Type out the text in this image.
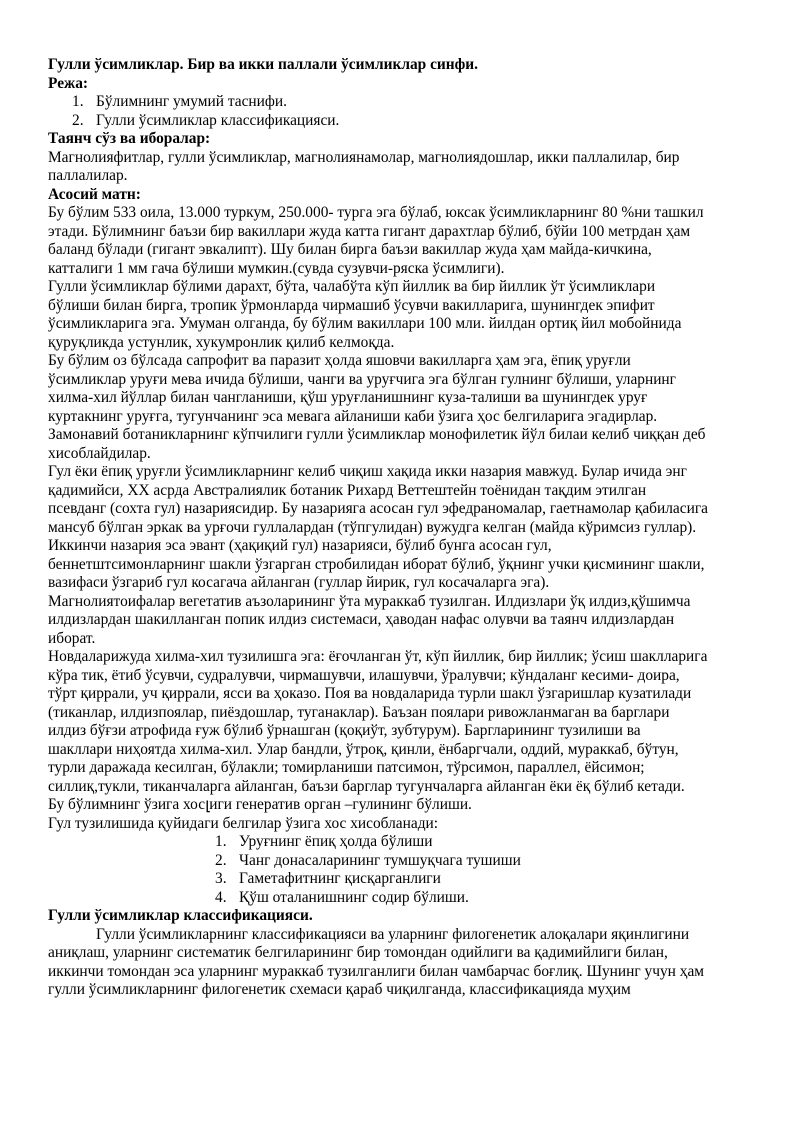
Гулли ўсимликлар. Бир ва икки паллали ўсимликлар синфи.

Режа:

1. Бўлимнинг умумий таснифи.
2. Гулли ўсимликлар классификацияси.

Таянч сўз ва иборалар:

Магнолияфитлар, гулли ўсимликлар, магнолиянамолар, магнолиядошлар, икки паллалилар, бир паллалилар.

Асосий матн:

Бу бўлим 533 оила, 13.000 туркум, 250.000- турга эга бўлаб, юксак ўсимликларнинг 80 %ни ташкил этади. Бўлимнинг баъзи бир вакиллари жуда катта гигант дарахтлар бўлиб, бўйи 100 метрдан ҳам баланд бўлади (гигант эвкалипт). Шу билан бирга баъзи вакиллар жуда ҳам майда-кичкина, катталиги 1 мм гача бўлиши мумкин.(сувда сузувчи-ряска ўсимлиги).

Гулли ўсимликлар бўлими дарахт, бўта, чалабўта кўп йиллик ва бир йиллик ўт ўсимликлари бўлиши билан бирга, тропик ўрмонларда чирмашиб ўсувчи вакилларига, шунингдек эпифит ўсимликларига эга. Умуман олганда, бу бўлим вакиллари 100 мли. йилдан ортиқ йил мобойнида қуруқликда устунлик, хукумронлик қилиб келмоқда.

Бу бўлим оз бўлсада сапрофит ва паразит ҳолда яшовчи вакилларга ҳам эга, ёпиқ уруғли ўсимликлар уруғи мева ичида бўлиши, чанги ва уруғчига эга бўлган гулнинг бўлиши, уларнинг хилма-хил йўллар билан чангланиши, қўш уруғланишнинг куза-талиши ва шунингдек уруғ куртакнинг уруғга, тугунчанинг эса мевага айланиши каби ўзига ҳос белгиларига эгадирлар.

Замонавий ботаникларнинг кўпчилиги гулли ўсимликлар монофилетик йўл билаи келиб чиққан деб хисоблайдилар.

Гул ёки ёпиқ уруғли ўсимликларнинг келиб чиқиш хақида икки назария мавжуд. Булар ичида энг қадимийси, XX асрда Австралиялик ботаник Рихард Веттештейн тоёнидан тақдим этилган псевданг (сохта гул) назариясидир. Бу назарияга асосан гул эфедраномалар, гаетнамолар қабиласига мансуб бўлган эркак ва урғочи гуллалардан (тўпгулидан) вужудга келган (майда кўримсиз гуллар).

Иккинчи назария эса эвант (ҳақиқий гул) назарияси, бўлиб бунга асосан гул, беннетштсимонларнинг шакли ўзгарган стробилидан иборат бўлиб, ўқнинг учки қисмининг шакли, вазифаси ўзгариб гул косагача айланган (гуллар йирик, гул косачаларга эга).

Магнолиятоифалар вегетатив аъзоларининг ўта мураккаб тузилган. Илдизлари ўқ илдиз,қўшимча илдизлардан шакилланган попик илдиз системаси, ҳаводан нафас олувчи ва таянч илдизлардан иборат.

Новдаларижуда хилма-хил тузилишга эга: ёғочланган ўт, кўп йиллик, бир йиллик; ўсиш шаклларига кўра тик, ётиб ўсувчи, судралувчи, чирмашувчи, илашувчи, ўралувчи; кўндаланг кесими- доира, тўрт қиррали, уч қиррали, ясси ва ҳоказо. Поя ва новдаларида турли шакл ўзгаришлар кузатилади (тиканлар, илдизпоялар, пиёздошлар, туганаклар). Баъзан поялари ривожланмаган ва барглари илдиз бўғзи атрофида ғуж бўлиб ўрнашган (қоқиўт, зубтурум). Баргларининг тузилиши ва шакллари ниҳоятда хилма-хил. Улар бандли, ўтроқ, қинли, ёнбаргчали, оддий, мураккаб, бўтун, турли даражада кесилган, бўлакли; томирланиши патсимон, тўрсимон, параллел, ёйсимон; силлиқ,тукли, тиканчаларга айланган, баъзи барглар тугунчаларга айланган ёки ёқ бўлиб кетади.

Бу бўлимнинг ўзига хосլиги генератив орган –гулининг бўлиши.

Гул тузилишида қуйидаги белгилар ўзига хос хисобланади:

1. Уруғнинг ёпиқ ҳолда бўлиши
2. Чанг донасаларининг тумшуқчага тушиши
3. Гаметафитнинг қисқарганлиги
4. Қўш оталанишнинг содир бўлиши.

Гулли ўсимликлар классификацияси.

Гулли ўсимликларнинг классификацияси ва уларнинг филогенетик алоқалари яқинлигини аниқлаш, уларнинг систематик белгиларининг бир томондан одийлиги ва қадимийлиги билан, иккинчи томондан эса уларнинг мураккаб тузилганлиги билан чамбарчас боғлиқ. Шунинг учун ҳам гулли ўсимликларнинг филогенетик схемаси қараб чиқилганда, классификацияда муҳим
